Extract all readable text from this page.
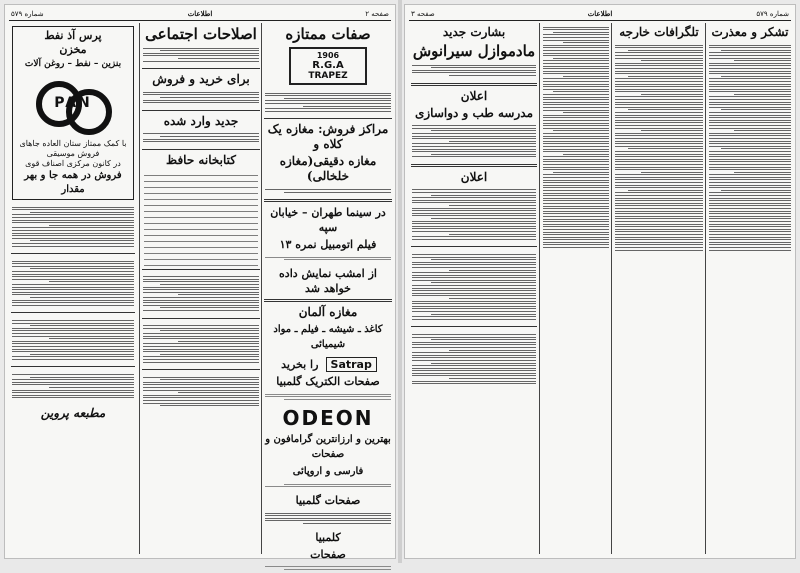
اطلاعات	صفحه ۲
شماره ۵۷۹
صفات ممتازه
1906
R.G.A
TRAPEZ
مراکز فروش: مغازه یک کلاه و
مغازه دقیقی(مغازه خلخالی)
در سینما طهران – خیابان سپه
فیلم اتومبیل نمره ۱۳
از امشب نمایش داده خواهد شد
مغازه آلمان
کاغذ ـ شیشه ـ فیلم ـ مواد شیمیائی
Satrap را بخرید
صفحات الکتریک گلمبیا
ODEON
بهترین و ارزانترین گرامافون و صفحات
فارسی و اروپائی
صفحات گلمبیا
کلمبیا
صفحات
اصلاحات اجتماعی
برای خرید و فروش
جدید وارد شده
کتابخانه حافظ
پرس آذ نفط
مخزن
بنزین – نفط – روغن آلات
PAN
با کمک ممتاز ستان العاده جاهای فروش موسیقی
در کانون مرکزی اصناف قوی
فروش در همه جا و بهر مقدار
مطبعه پروین
اطلاعات	شماره ۵۷۹
صفحه ۳
تشکر و معذرت
تلگرافات خارجه
بشارت جدید
مادموازل سیرانوش
اعلان
مدرسه طب و دواسازی
اعلان
